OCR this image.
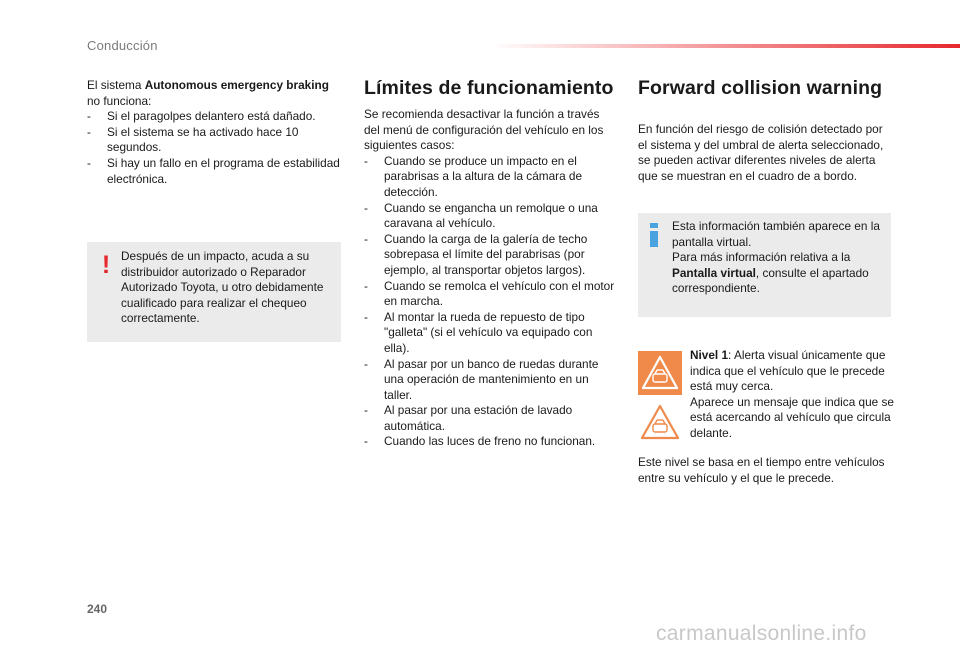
Conducción

El sistema Autonomous emergency braking no funciona:

- Si el paragolpes delantero está dañado.
- Si el sistema se ha activado hace 10 segundos.
- Si hay un fallo en el programa de estabilidad electrónica.
! Después de un impacto, acuda a su distribuidor autorizado o Reparador Autorizado Toyota, u otro debidamente cualificado para realizar el chequeo correctamente.
Límites de funcionamiento

Se recomienda desactivar la función a través del menú de configuración del vehículo en los siguientes casos:

- Cuando se produce un impacto en el parabrisas a la altura de la cámara de detección.
- Cuando se engancha un remolque o una caravana al vehículo.
- Cuando la carga de la galería de techo sobrepasa el límite del parabrisas (por ejemplo, al transportar objetos largos).
- Cuando se remolca el vehículo con el motor en marcha.
- Al montar la rueda de repuesto de tipo "galleta" (si el vehículo va equipado con ella).
- Al pasar por un banco de ruedas durante una operación de mantenimiento en un taller.
- Al pasar por una estación de lavado automática.
- Cuando las luces de freno no funcionan.
Forward collision warning

En función del riesgo de colisión detectado por el sistema y del umbral de alerta seleccionado, se pueden activar diferentes niveles de alerta que se muestran en el cuadro de a bordo.

Esta información también aparece en la pantalla virtual.
Para más información relativa a la Pantalla virtual, consulte el apartado correspondiente.

Nivel 1: Alerta visual únicamente que indica que el vehículo que le precede está muy cerca.

Aparece un mensaje que indica que se está acercando al vehículo que circula delante.

Este nivel se basa en el tiempo entre vehículos entre su vehículo y el que le precede.
240
carmanualsonline.info
